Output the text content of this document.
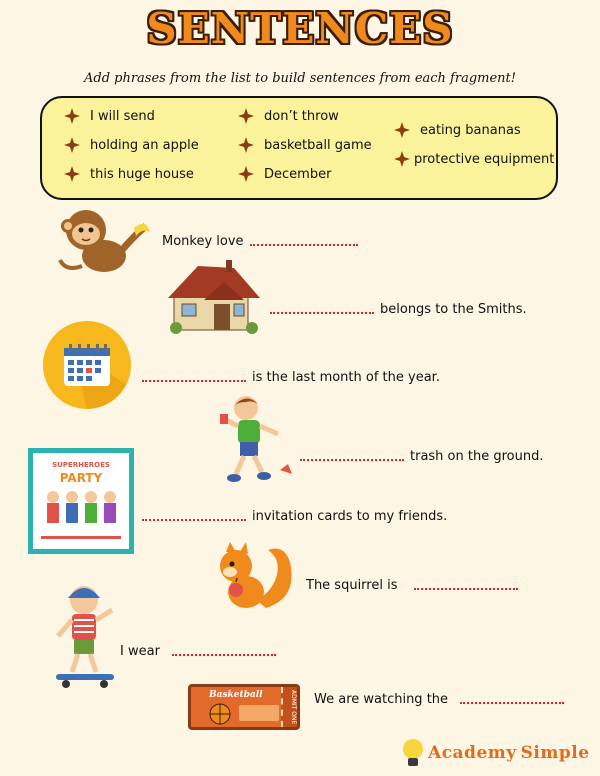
SENTENCES
Add phrases from the list to build sentences from each fragment!
I will send
holding an apple
this huge house
don’t throw
basketball game
December
eating bananas
protective equipment
Monkey love
belongs to the Smiths.
is the last month of the year.
trash on the ground.
SUPERHEROES
PARTY
invitation cards to my friends.
The squirrel is
I wear
Basketball	ADMIT ONE We are watching the
Academy Simple
